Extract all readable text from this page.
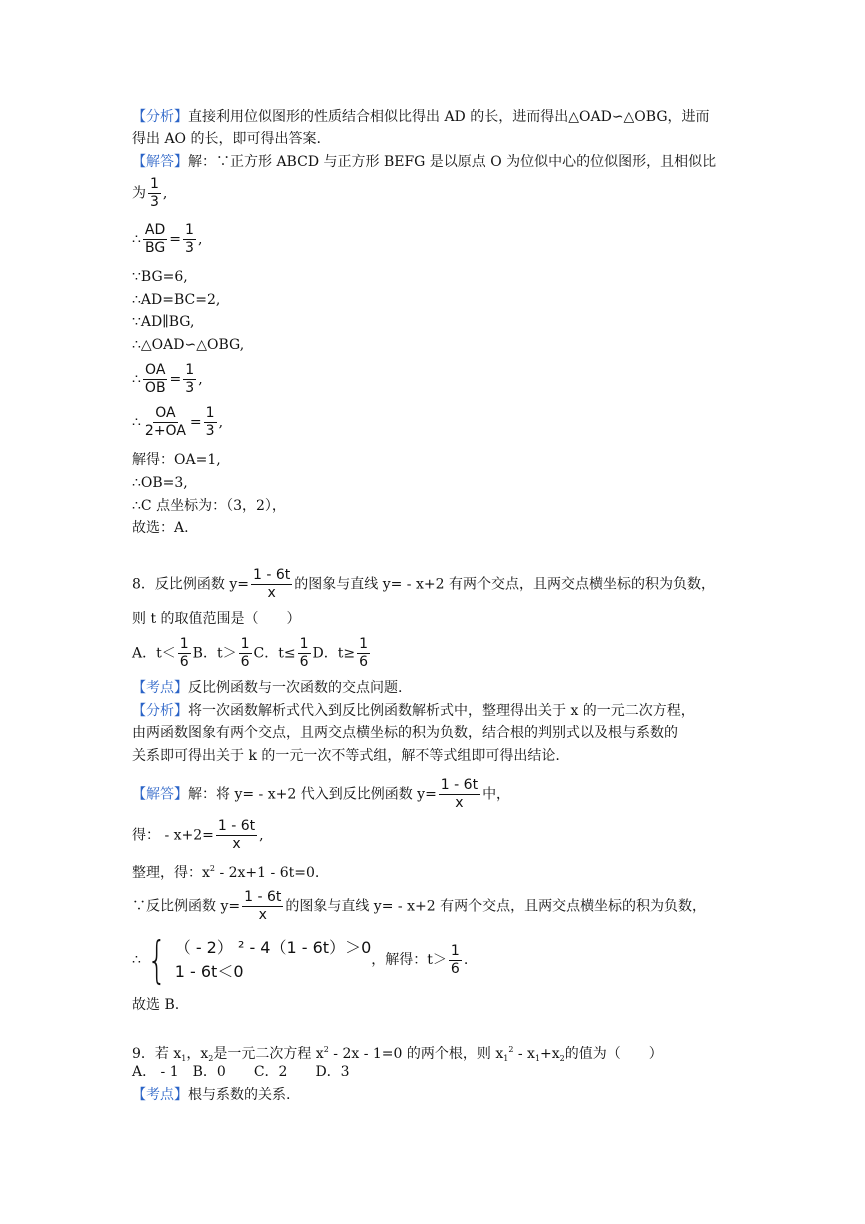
【分析】直接利用位似图形的性质结合相似比得出 AD 的长，进而得出△OAD∽△OBG，进而
得出 AO 的长，即可得出答案.
【解答】解：∵正方形 ABCD 与正方形 BEFG 是以原点 O 为位似中心的位似图形，且相似比
为 $\frac{1}{3}$ ,
∴ $\frac{AD}{BG} = \frac{1}{3}$ ,
∵BG=6,
∴AD=BC=2,
∵AD∥BG,
∴△OAD∽△OBG,
∴ $\frac{OA}{OB} = \frac{1}{3}$ ,
∴ $\frac{OA}{2+OA} = \frac{1}{3}$ ,
解得：OA=1,
∴OB=3,
∴C 点坐标为：（3，2），
故选：A.
8．反比例函数 $y= \frac{1 - 6t}{x}$ 的图象与直线 y= - x+2 有两个交点，且两交点横坐标的积为负数，
则 t 的取值范围是（　　）
A．$t< \frac{1}{6}$ B．$t> \frac{1}{6}$ C．$t\le \frac{1}{6}$ D．$t\ge \frac{1}{6}$
【考点】反比例函数与一次函数的交点问题.
【分析】将一次函数解析式代入到反比例函数解析式中，整理得出关于 x 的一元二次方程，
由两函数图象有两个交点，且两交点横坐标的积为负数，结合根的判别式以及根与系数的
关系即可得出关于 k 的一元一次不等式组，解不等式组即可得出结论.
【解答】解：将 y= - x+2 代入到反比例函数 $y= \frac{1 - 6t}{x}$ 中，
得： - $x+2= \frac{1 - 6t}{x}$ ,
整理，得：$x^2 - 2x+1 - 6t=0$.
∵反比例函数 $y= \frac{1 - 6t}{x}$ 的图象与直线 y= - x+2 有两个交点，且两交点横坐标的积为负数，
∴ { （ - 2） ² - 4（1 - 6t）＞0
1 - 6t＜0
，解得：$t> \frac{1}{6}$ .
故选 B.
9．若 $x_1$，$x_2$是一元二次方程 $x^2 - 2x - 1=0$ 的两个根，则 $x_1^2 - x_1+x_2$的值为（　　）
A． - 1　B．0　　C．2　　D．3
【考点】根与系数的关系.
